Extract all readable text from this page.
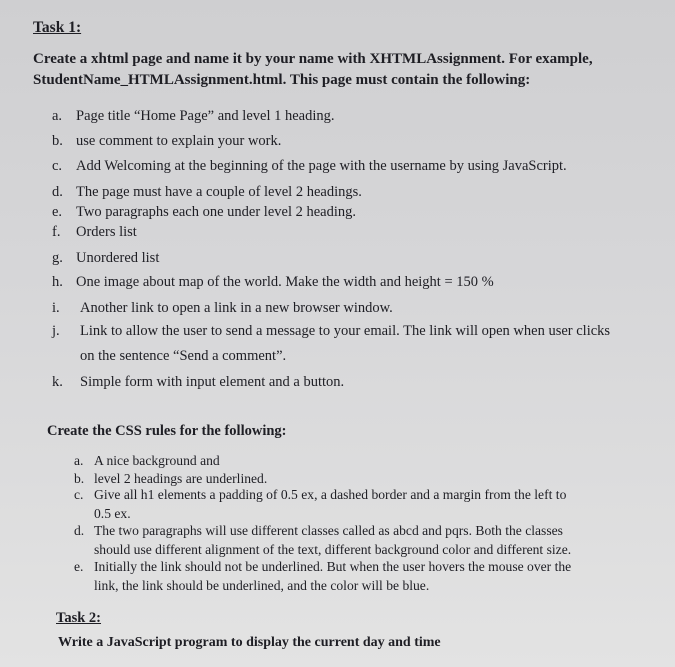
Task 1:
Create a xhtml page and name it by your name with XHTMLAssignment. For example,
StudentName_HTMLAssignment.html. This page must contain the following:
a. Page title “Home Page” and level 1 heading.
b. use comment to explain your work.
c. Add Welcoming at the beginning of the page with the username by using JavaScript.
d. The page must have a couple of level 2 headings.
e. Two paragraphs each one under level 2 heading.
f. Orders list
g. Unordered list
h. One image about map of the world. Make the width and height = 150 %
i. Another link to open a link in a new browser window.
j. Link to allow the user to send a message to your email. The link will open when user clicks
on the sentence “Send a comment”.
k. Simple form with input element and a button.
Create the CSS rules for the following:
a. A nice background and
b. level 2 headings are underlined.
c. Give all h1 elements a padding of 0.5 ex, a dashed border and a margin from the left to
0.5 ex.
d. The two paragraphs will use different classes called as abcd and pqrs. Both the classes
should use different alignment of the text, different background color and different size.
e. Initially the link should not be underlined. But when the user hovers the mouse over the
link, the link should be underlined, and the color will be blue.
Task 2:
Write a JavaScript program to display the current day and time
